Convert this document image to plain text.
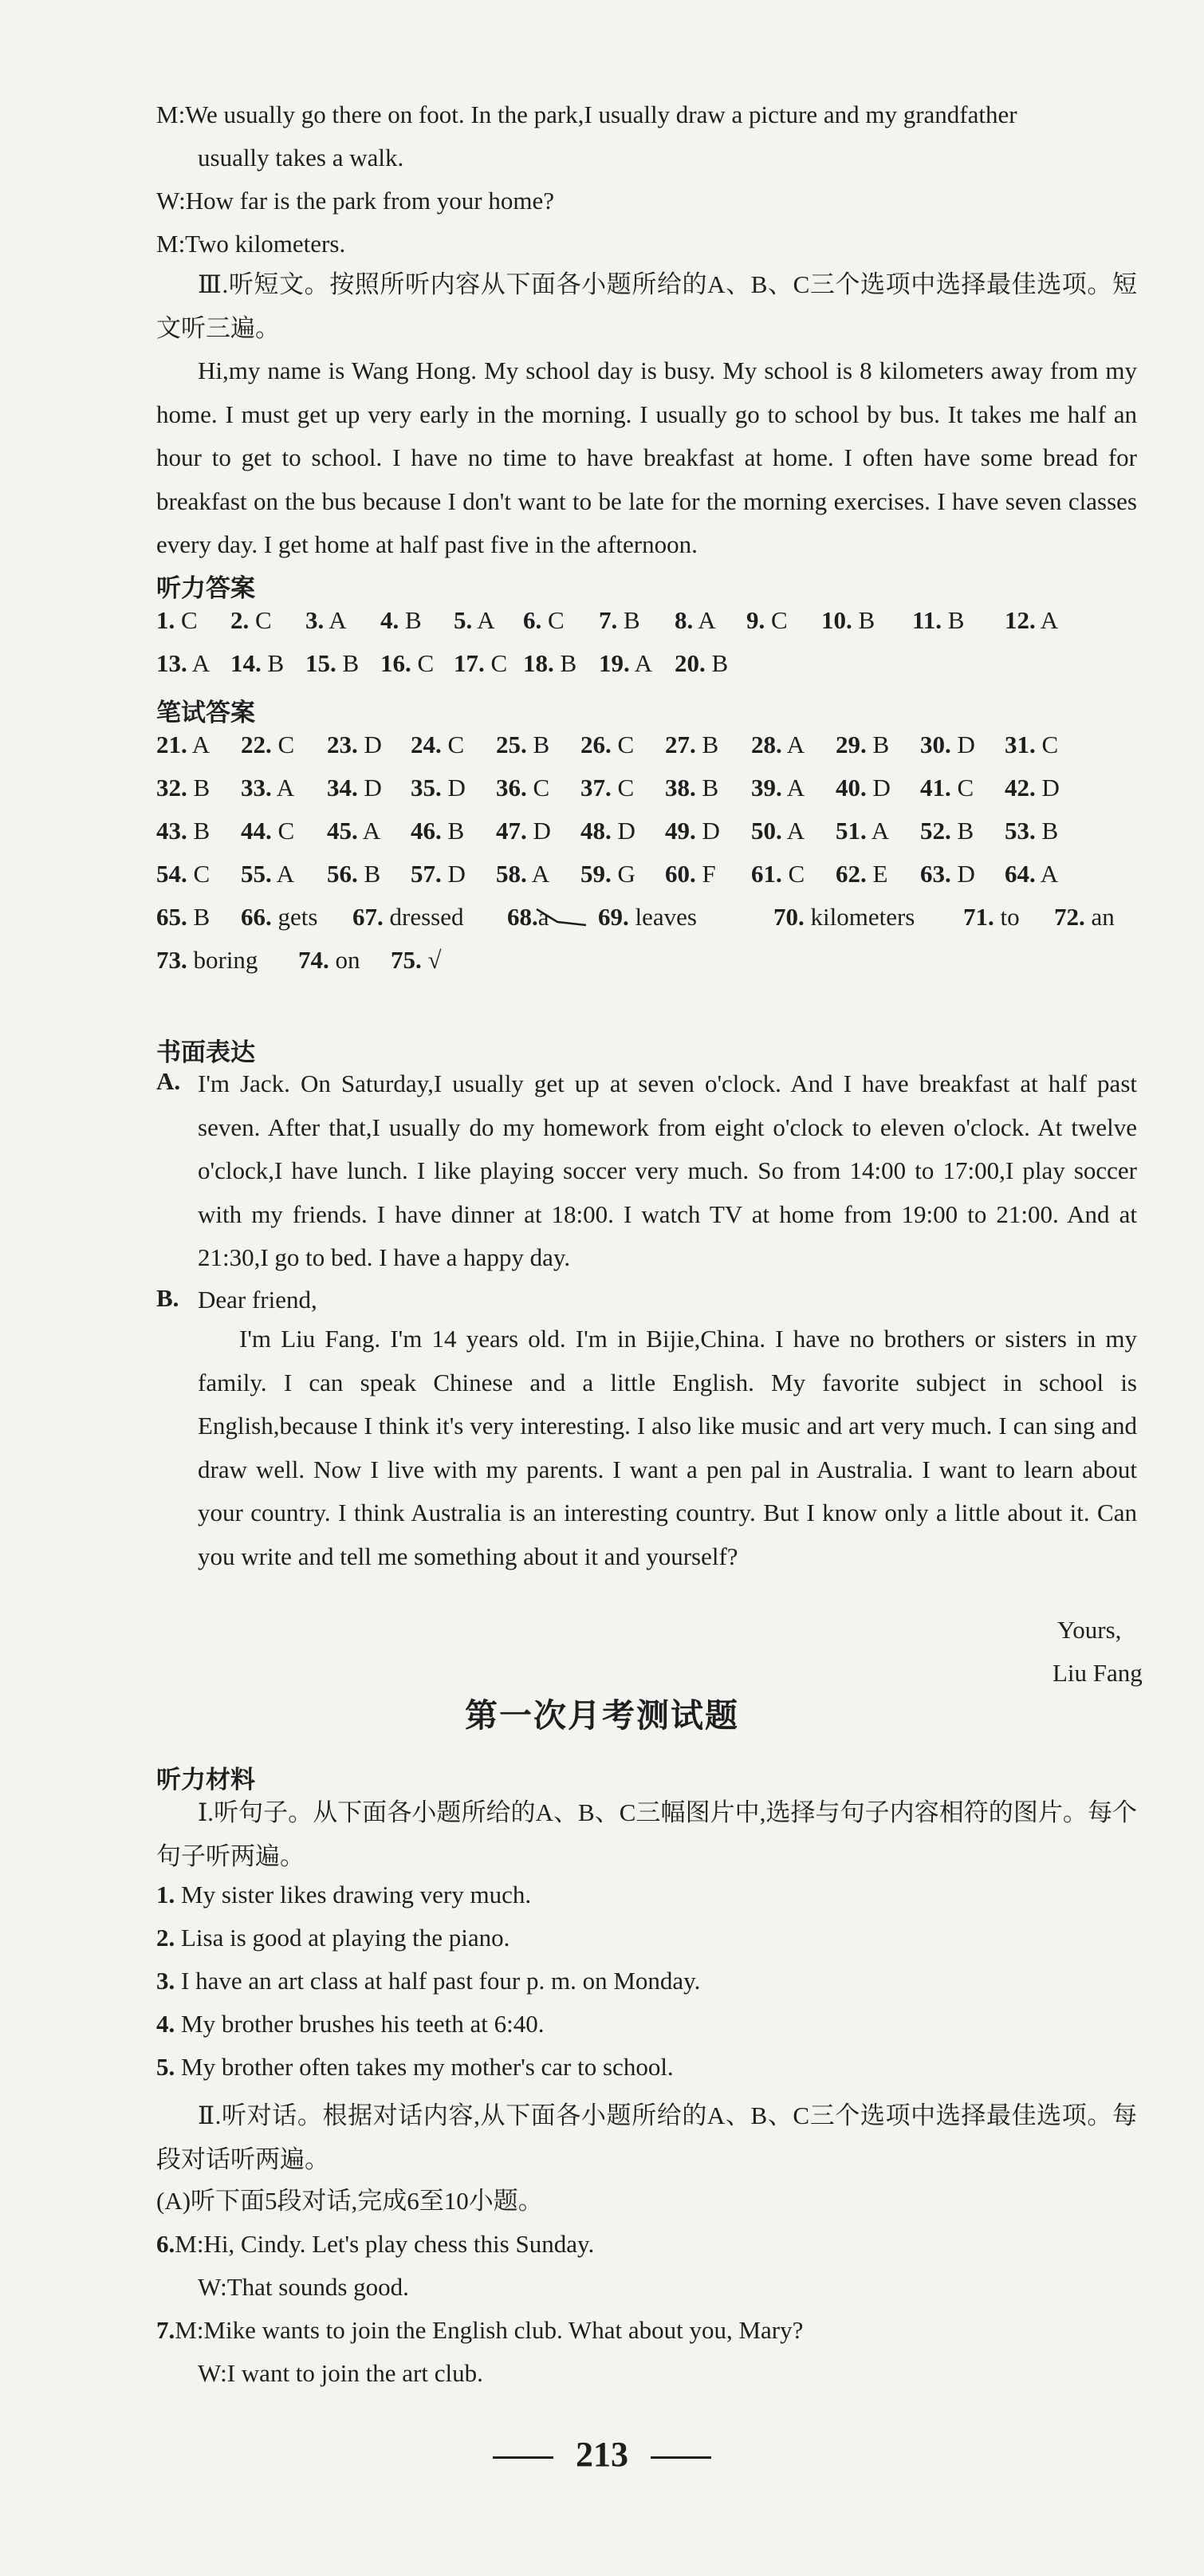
M:We usually go there on foot. In the park,I usually draw a picture and my grandfather
usually takes a walk.
W:How far is the park from your home?
M:Two kilometers.
Ⅲ.听短文。按照所听内容从下面各小题所给的A、B、C三个选项中选择最佳选项。短文听三遍。
Hi,my name is Wang Hong. My school day is busy. My school is 8 kilometers away from my home. I must get up very early in the morning. I usually go to school by bus. It takes me half an hour to get to school. I have no time to have breakfast at home. I often have some bread for breakfast on the bus because I don't want to be late for the morning exercises. I have seven classes every day. I get home at half past five in the afternoon.
听力答案
1. C 2. C 3. A 4. B 5. A 6. C 7. B 8. A 9. C 10. B 11. B 12. A
13. A 14. B 15. B 16. C 17. C 18. B 19. A 20. B
笔试答案
21. A 22. C 23. D 24. C 25. B 26. C 27. B 28. A 29. B 30. D 31. C
32. B 33. A 34. D 35. D 36. C 37. C 38. B 39. A 40. D 41. C 42. D
43. B 44. C 45. A 46. B 47. D 48. D 49. D 50. A 51. A 52. B 53. B
54. C 55. A 56. B 57. D 58. A 59. G 60. F 61. C 62. E 63. D 64. A
65. B 66. gets 67. dressed 68.a 69. leaves	70. kilometers 71. to 72. an
73. boring 74. on 75. √
书面表达
A. I'm Jack. On Saturday,I usually get up at seven o'clock. And I have breakfast at half past seven. After that,I usually do my homework from eight o'clock to eleven o'clock. At twelve o'clock,I have lunch. I like playing soccer very much. So from 14:00 to 17:00,I play soccer with my friends. I have dinner at 18:00. I watch TV at home from 19:00 to 21:00. And at 21:30,I go to bed. I have a happy day.
B. Dear friend,
I'm Liu Fang. I'm 14 years old. I'm in Bijie,China. I have no brothers or sisters in my family. I can speak Chinese and a little English. My favorite subject in school is English,because I think it's very interesting. I also like music and art very much. I can sing and draw well. Now I live with my parents. I want a pen pal in Australia. I want to learn about your country. I think Australia is an interesting country. But I know only a little about it. Can you write and tell me something about it and yourself?
Yours,
Liu Fang
第一次月考测试题
听力材料
Ⅰ.听句子。从下面各小题所给的A、B、C三幅图片中,选择与句子内容相符的图片。每个句子听两遍。
1. My sister likes drawing very much.
2. Lisa is good at playing the piano.
3. I have an art class at half past four p. m. on Monday.
4. My brother brushes his teeth at 6:40.
5. My brother often takes my mother's car to school.
Ⅱ.听对话。根据对话内容,从下面各小题所给的A、B、C三个选项中选择最佳选项。每段对话听两遍。
(A)听下面5段对话,完成6至10小题。
6.M:Hi, Cindy. Let's play chess this Sunday.
W:That sounds good.
7.M:Mike wants to join the English club. What about you, Mary?
W:I want to join the art club.
213
